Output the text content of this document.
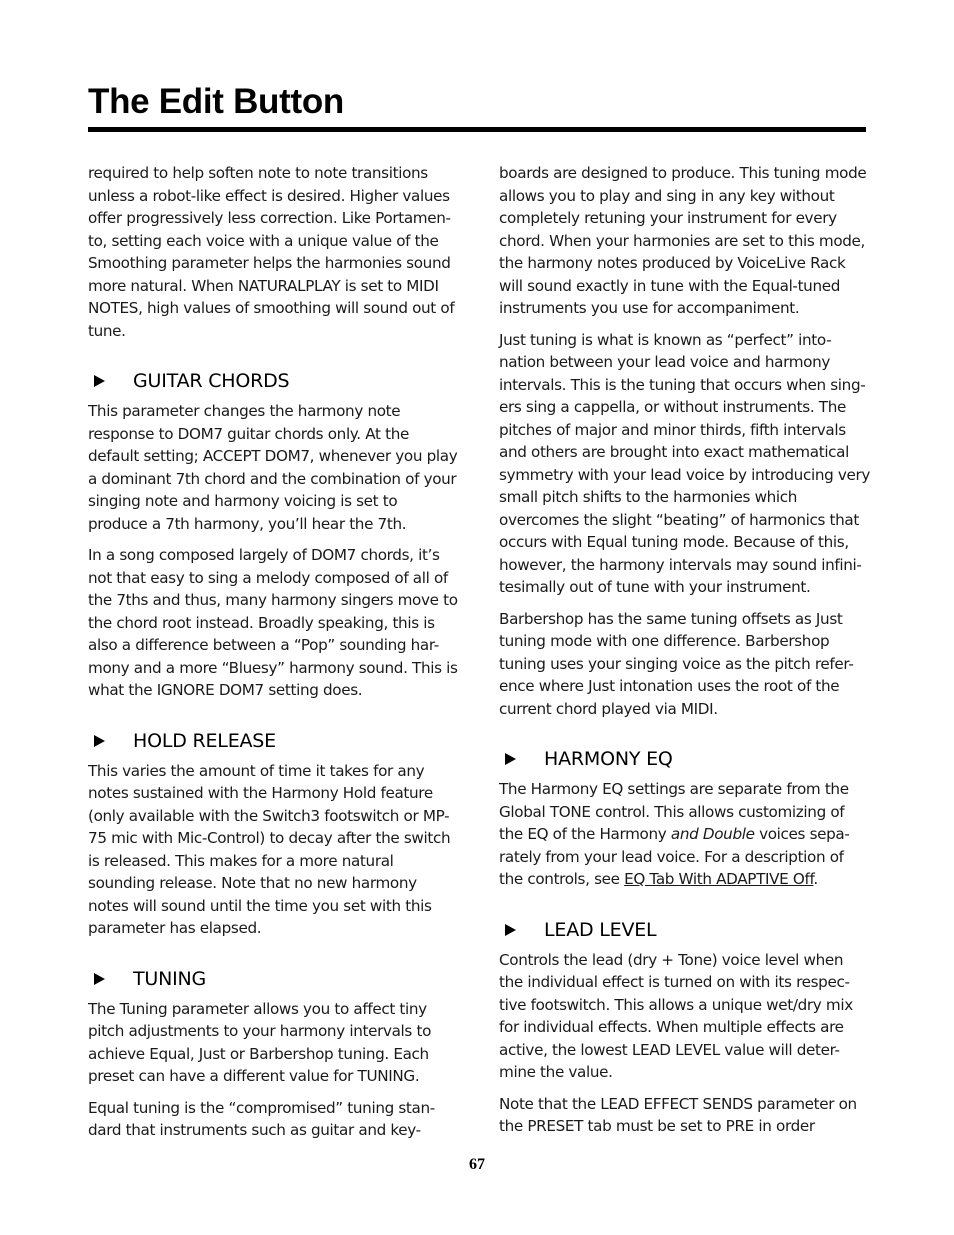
The Edit Button

required to help soften note to note transitions unless a robot-like effect is desired. Higher values offer progressively less correction. Like Portamen-to, setting each voice with a unique value of the Smoothing parameter helps the harmonies sound more natural. When NATURALPLAY is set to MIDI NOTES, high values of smoothing will sound out of tune.

GUITAR CHORDS

This parameter changes the harmony note response to DOM7 guitar chords only. At the default setting; ACCEPT DOM7, whenever you play a dominant 7th chord and the combination of your singing note and harmony voicing is set to produce a 7th harmony, you’ll hear the 7th.

In a song composed largely of DOM7 chords, it’s not that easy to sing a melody composed of all of the 7ths and thus, many harmony singers move to the chord root instead. Broadly speaking, this is also a difference between a “Pop” sounding har-mony and a more “Bluesy” harmony sound. This is what the IGNORE DOM7 setting does.

HOLD RELEASE

This varies the amount of time it takes for any notes sustained with the Harmony Hold feature (only available with the Switch3 footswitch or MP-75 mic with Mic-Control) to decay after the switch is released. This makes for a more natural sounding release. Note that no new harmony notes will sound until the time you set with this parameter has elapsed.

TUNING

The Tuning parameter allows you to affect tiny pitch adjustments to your harmony intervals to achieve Equal, Just or Barbershop tuning. Each preset can have a different value for TUNING.

Equal tuning is the “compromised” tuning stan-dard that instruments such as guitar and key-

boards are designed to produce. This tuning mode allows you to play and sing in any key without completely retuning your instrument for every chord. When your harmonies are set to this mode, the harmony notes produced by VoiceLive Rack will sound exactly in tune with the Equal-tuned instruments you use for accompaniment.

Just tuning is what is known as “perfect” into-nation between your lead voice and harmony intervals. This is the tuning that occurs when sing-ers sing a cappella, or without instruments. The pitches of major and minor thirds, fifth intervals and others are brought into exact mathematical symmetry with your lead voice by introducing very small pitch shifts to the harmonies which overcomes the slight “beating” of harmonics that occurs with Equal tuning mode. Because of this, however, the harmony intervals may sound infini-tesimally out of tune with your instrument.

Barbershop has the same tuning offsets as Just tuning mode with one difference. Barbershop tuning uses your singing voice as the pitch refer-ence where Just intonation uses the root of the current chord played via MIDI.

HARMONY EQ

The Harmony EQ settings are separate from the Global TONE control. This allows customizing of the EQ of the Harmony and Double voices sepa-rately from your lead voice. For a description of the controls, see EQ Tab With ADAPTIVE Off.

LEAD LEVEL

Controls the lead (dry + Tone) voice level when the individual effect is turned on with its respec-tive footswitch. This allows a unique wet/dry mix for individual effects. When multiple effects are active, the lowest LEAD LEVEL value will deter-mine the value.

Note that the LEAD EFFECT SENDS parameter on the PRESET tab must be set to PRE in order

67
